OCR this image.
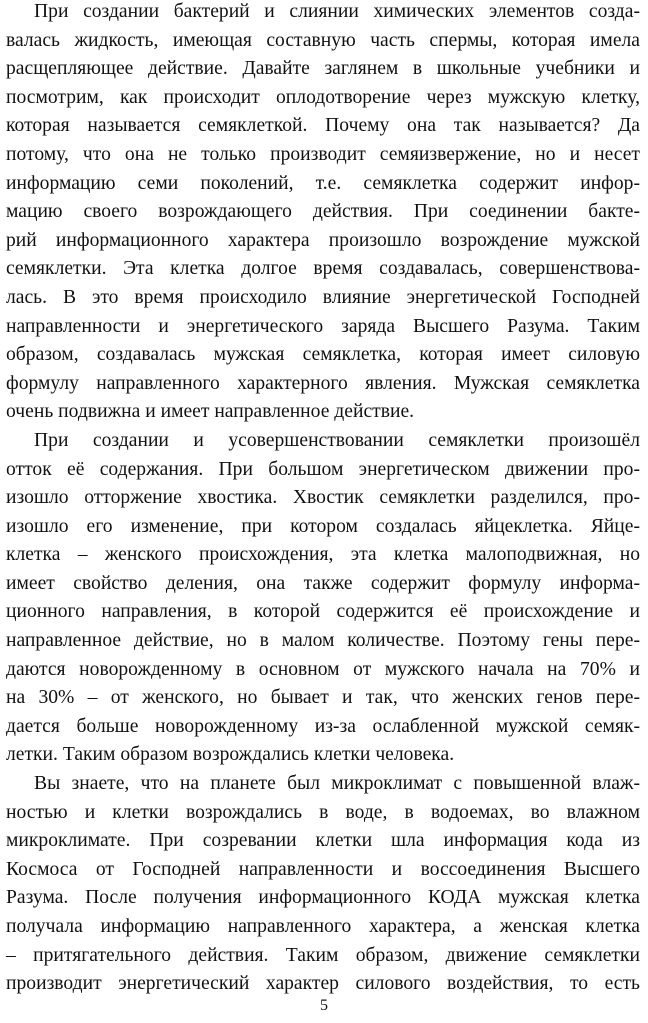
При создании бактерий и слиянии химических элементов созда-
валась жидкость, имеющая составную часть спермы, которая имела
расщепляющее действие. Давайте заглянем в школьные учебники и
посмотрим, как происходит оплодотворение через мужскую клетку,
которая называется семяклеткой. Почему она так называется? Да
потому, что она не только производит семяизвержение, но и несет
информацию семи поколений, т.е. семяклетка содержит инфор-
мацию своего возрождающего действия. При соединении бакте-
рий информационного характера произошло возрождение мужской
семяклетки. Эта клетка долгое время создавалась, совершенствова-
лась. В это время происходило влияние энергетической Господней
направленности и энергетического заряда Высшего Разума. Таким
образом, создавалась мужская семяклетка, которая имеет силовую
формулу направленного характерного явления. Мужская семяклетка
очень подвижна и имеет направленное действие.
При создании и усовершенствовании семяклетки произошёл
отток её содержания. При большом энергетическом движении про-
изошло отторжение хвостика. Хвостик семяклетки разделился, про-
изошло его изменение, при котором создалась яйцеклетка. Яйце-
клетка – женского происхождения, эта клетка малоподвижная, но
имеет свойство деления, она также содержит формулу информа-
ционного направления, в которой содержится её происхождение и
направленное действие, но в малом количестве. Поэтому гены пере-
даются новорожденному в основном от мужского начала на 70% и
на 30% – от женского, но бывает и так, что женских генов пере-
дается больше новорожденному из-за ослабленной мужской семяк-
летки. Таким образом возрождались клетки человека.
Вы знаете, что на планете был микроклимат с повышенной влаж-
ностью и клетки возрождались в воде, в водоемах, во влажном
микроклимате. При созревании клетки шла информация кода из
Космоса от Господней направленности и воссоединения Высшего
Разума. После получения информационного КОДА мужская клетка
получала информацию направленного характера, а женская клетка
– притягательного действия. Таким образом, движение семяклетки
производит энергетический характер силового воздействия, то есть
5
